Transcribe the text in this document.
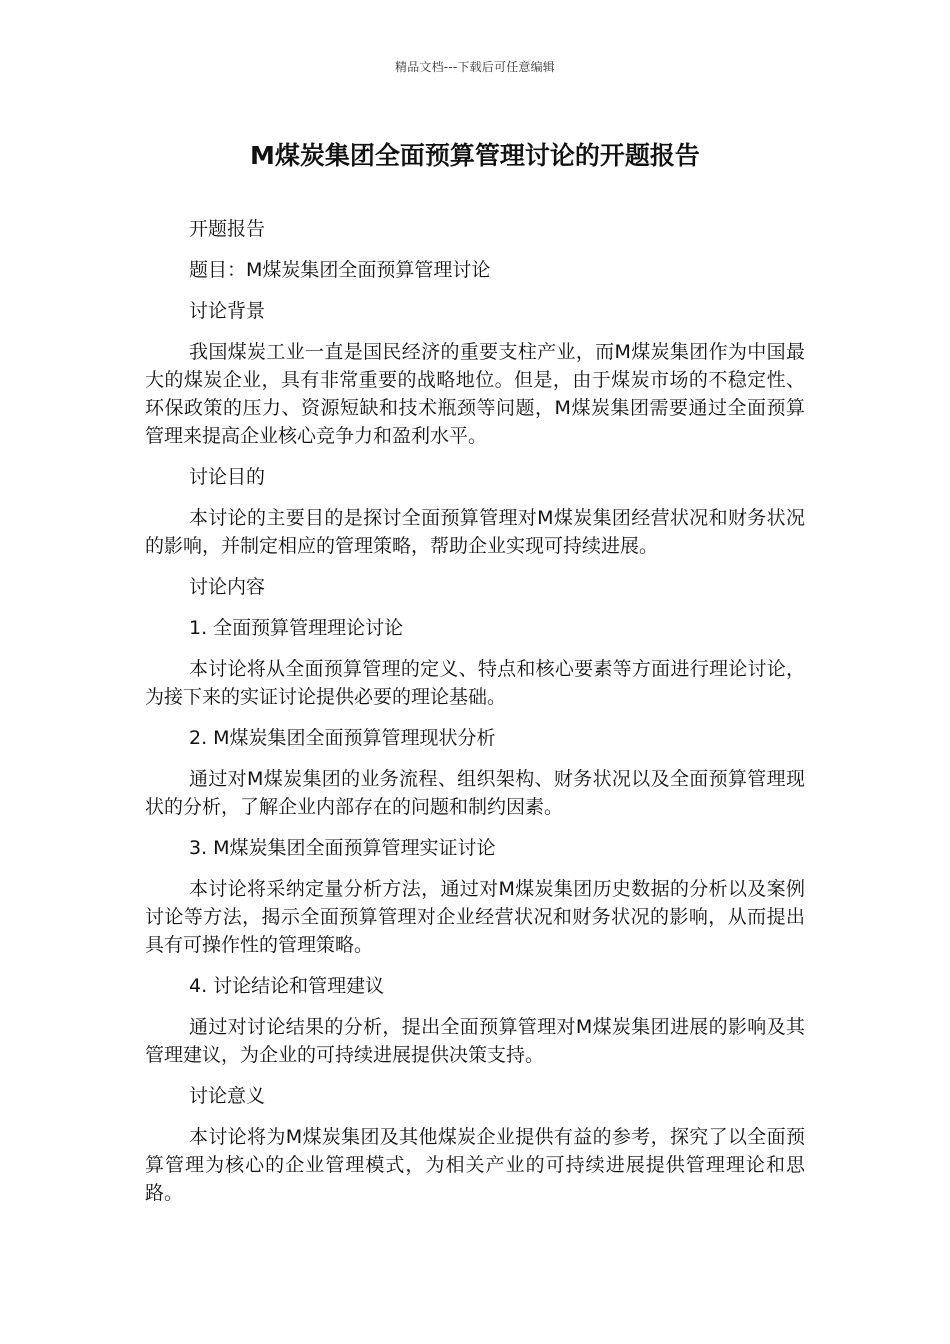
精品文档---下载后可任意编辑
M煤炭集团全面预算管理讨论的开题报告

开题报告

题目：M煤炭集团全面预算管理讨论

讨论背景

我国煤炭工业一直是国民经济的重要支柱产业，而M煤炭集团作为中国最大的煤炭企业，具有非常重要的战略地位。但是，由于煤炭市场的不稳定性、环保政策的压力、资源短缺和技术瓶颈等问题，M煤炭集团需要通过全面预算管理来提高企业核心竞争力和盈利水平。

讨论目的

本讨论的主要目的是探讨全面预算管理对M煤炭集团经营状况和财务状况的影响，并制定相应的管理策略，帮助企业实现可持续进展。

讨论内容

1. 全面预算管理理论讨论

本讨论将从全面预算管理的定义、特点和核心要素等方面进行理论讨论，为接下来的实证讨论提供必要的理论基础。

2. M煤炭集团全面预算管理现状分析

通过对M煤炭集团的业务流程、组织架构、财务状况以及全面预算管理现状的分析，了解企业内部存在的问题和制约因素。

3. M煤炭集团全面预算管理实证讨论

本讨论将采纳定量分析方法，通过对M煤炭集团历史数据的分析以及案例讨论等方法，揭示全面预算管理对企业经营状况和财务状况的影响，从而提出具有可操作性的管理策略。

4. 讨论结论和管理建议

通过对讨论结果的分析，提出全面预算管理对M煤炭集团进展的影响及其管理建议，为企业的可持续进展提供决策支持。

讨论意义

本讨论将为M煤炭集团及其他煤炭企业提供有益的参考，探究了以全面预算管理为核心的企业管理模式，为相关产业的可持续进展提供管理理论和思路。
